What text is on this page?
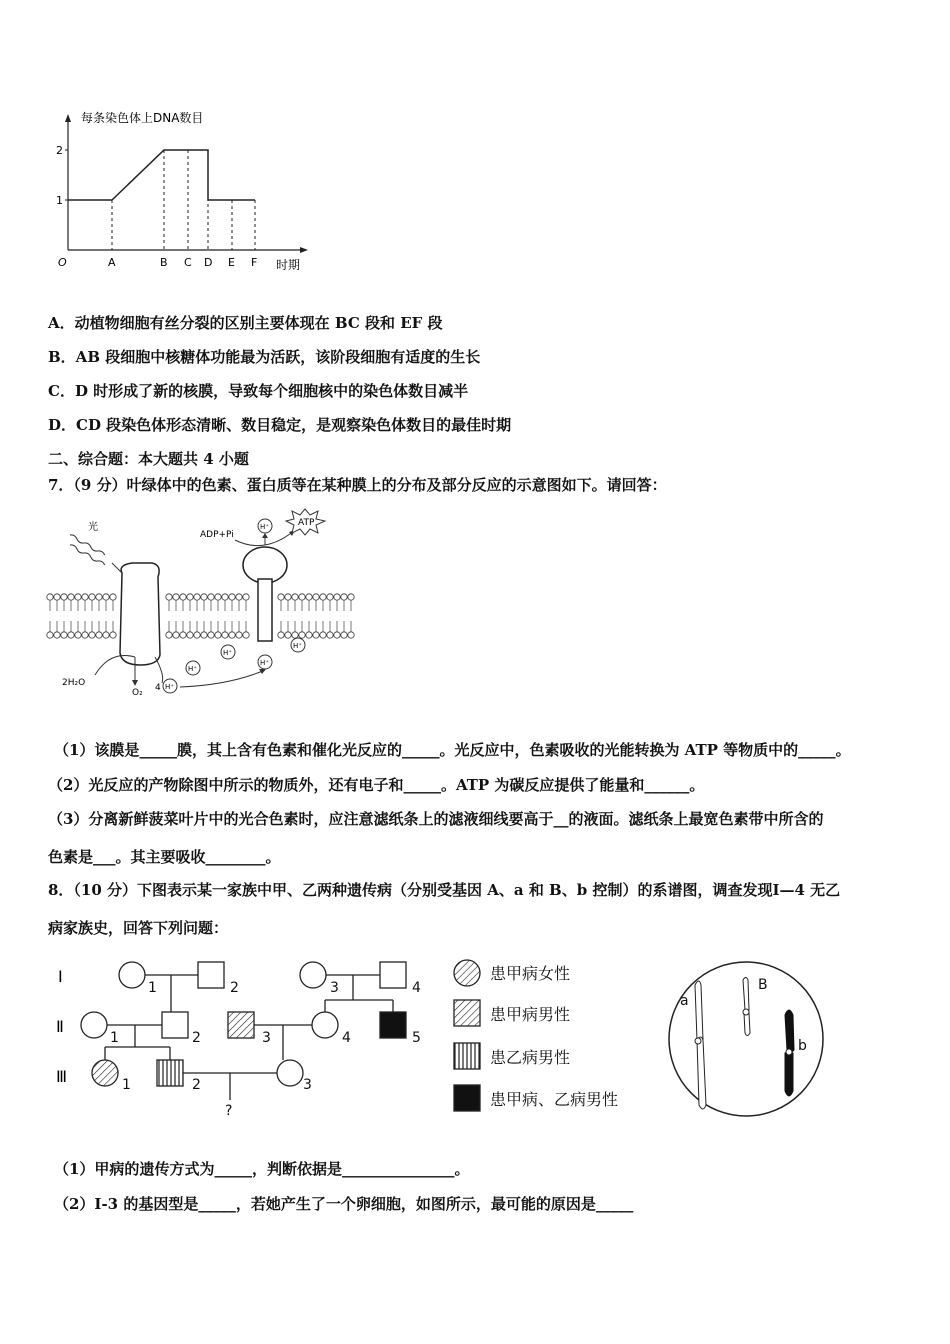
1
2
O	A	B C D E F 时期
每条染色体上DNA数目
A．动植物细胞有丝分裂的区别主要体现在 BC 段和 EF 段
B．AB 段细胞中核糖体功能最为活跃，该阶段细胞有适度的生长
C．D 时形成了新的核膜，导致每个细胞核中的染色体数目减半
D．CD 段染色体形态清晰、数目稳定，是观察染色体数目的最佳时期
二、综合题：本大题共 4 小题
7．（9 分）叶绿体中的色素、蛋白质等在某种膜上的分布及部分反应的示意图如下。请回答：
光
ADP+Pi
ATP
H⁺
H⁺
H⁺
H⁺
H⁺
H⁺
2H₂O
O₂ 4
（1）该膜是_____膜，其上含有色素和催化光反应的_____。光反应中，色素吸收的光能转换为 ATP 等物质中的_____。
（2）光反应的产物除图中所示的物质外，还有电子和_____。ATP 为碳反应提供了能量和______。
（3）分离新鲜菠菜叶片中的光合色素时，应注意滤纸条上的滤液细线要高于__的液面。滤纸条上最宽色素带中所含的
色素是___。其主要吸收________。
8．（10 分）下图表示某一家族中甲、乙两种遗传病（分别受基因 A、a 和 B、b 控制）的系谱图，调查发现Ⅰ—4 无乙
病家族史，回答下列问题：
Ⅰ
Ⅱ
Ⅲ
1	2	3	4
1	2	3	4	5
1	2	3
?
患甲病女性
患甲病男性
患乙病男性
患甲病、乙病男性
a
B
b
（1）甲病的遗传方式为_____，判断依据是_______________。
（2）Ⅰ-3 的基因型是_____，若她产生了一个卵细胞，如图所示，最可能的原因是_____
